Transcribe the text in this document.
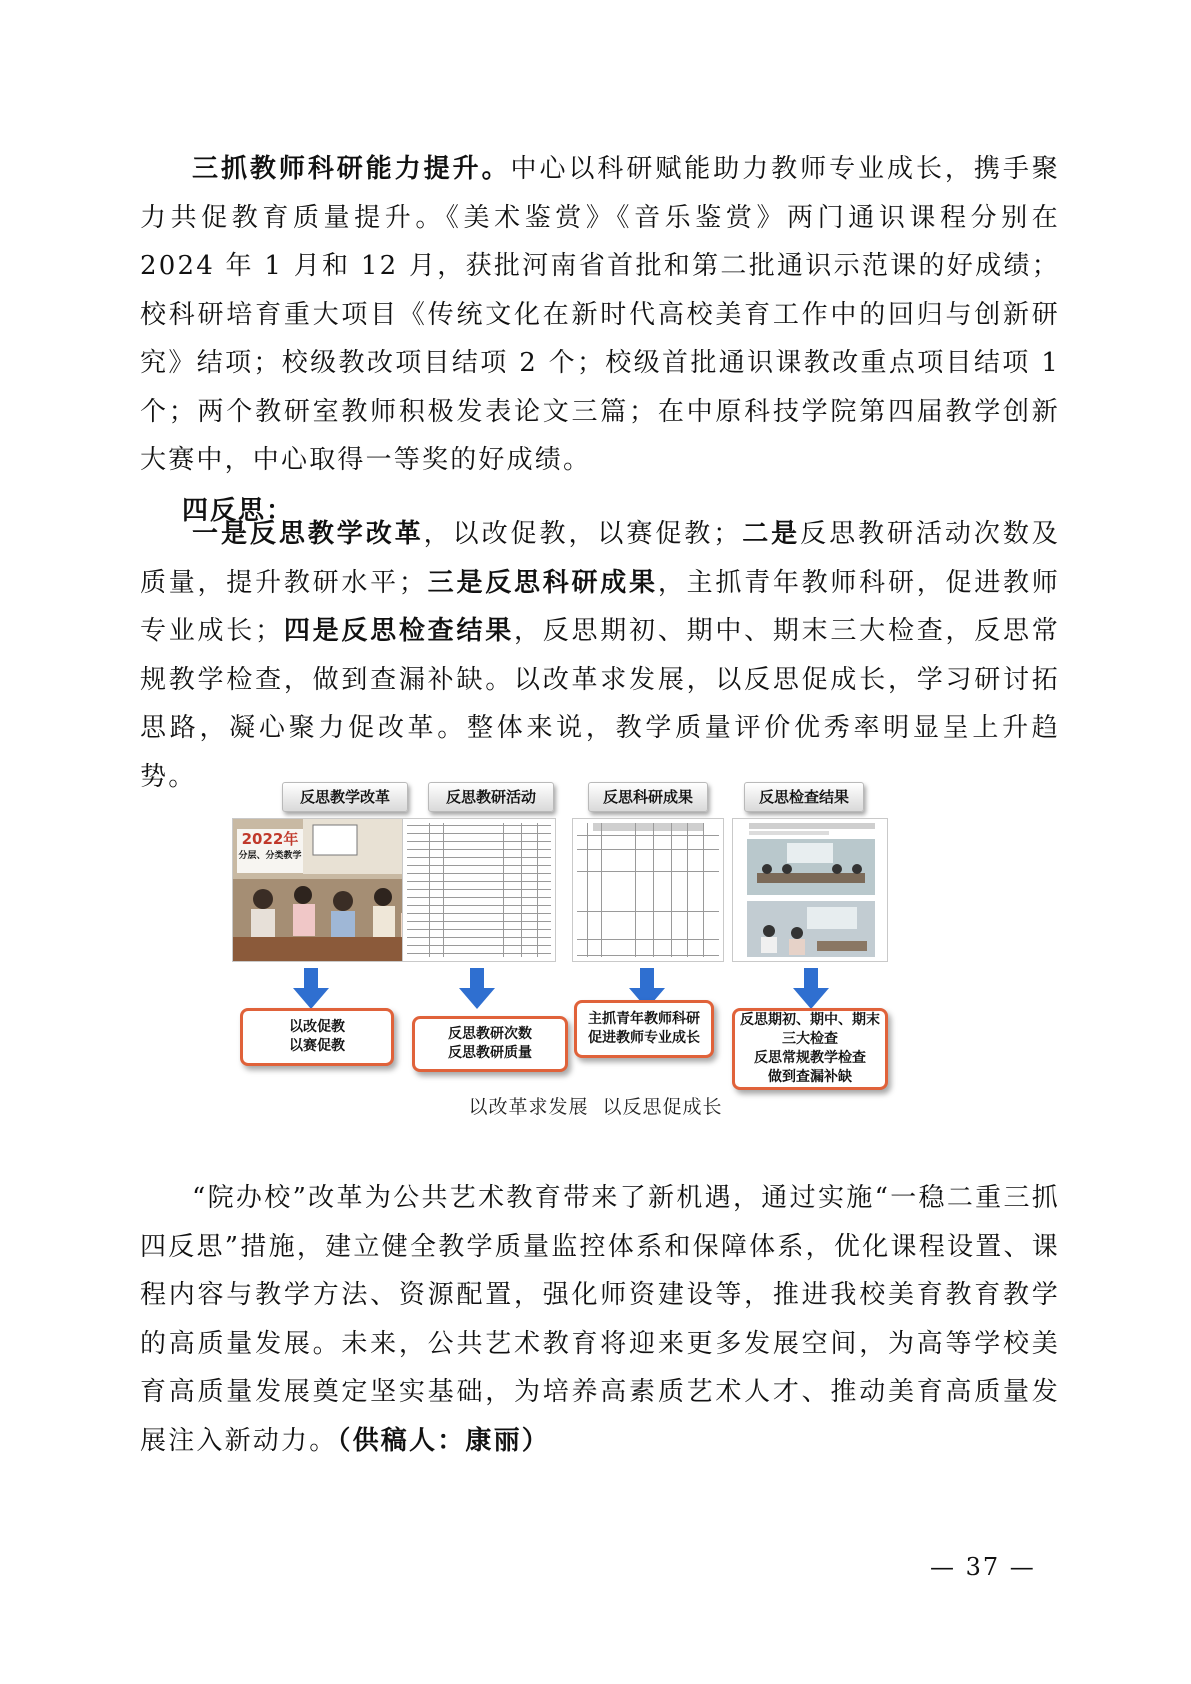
三抓教师科研能力提升。中心以科研赋能助力教师专业成长，携手聚力共促教育质量提升。《美术鉴赏》《音乐鉴赏》两门通识课程分别在 2024 年 1 月和 12 月，获批河南省首批和第二批通识示范课的好成绩；校科研培育重大项目《传统文化在新时代高校美育工作中的回归与创新研究》结项；校级教改项目结项 2 个；校级首批通识课教改重点项目结项 1 个；两个教研室教师积极发表论文三篇；在中原科技学院第四届教学创新大赛中，中心取得一等奖的好成绩。

四反思：

一是反思教学改革，以改促教，以赛促教；二是反思教研活动次数及质量，提升教研水平；三是反思科研成果，主抓青年教师科研，促进教师专业成长；四是反思检查结果，反思期初、期中、期末三大检查，反思常规教学检查，做到查漏补缺。以改革求发展，以反思促成长，学习研讨拓思路，凝心聚力促改革。整体来说，教学质量评价优秀率明显呈上升趋势。

反思教学改革
2022年
分层、分类教学
以改促教
以赛促教
反思教研活动
反思教研次数
反思教研质量
反思科研成果
主抓青年教师科研
促进教师专业成长
反思检查结果
反思期初、期中、期末
三大检查
反思常规教学检查
做到查漏补缺
以改革求发展  以反思促成长

“院办校”改革为公共艺术教育带来了新机遇，通过实施“一稳二重三抓四反思”措施，建立健全教学质量监控体系和保障体系，优化课程设置、课程内容与教学方法、资源配置，强化师资建设等，推进我校美育教育教学的高质量发展。未来，公共艺术教育将迎来更多发展空间，为高等学校美育高质量发展奠定坚实基础，为培养高素质艺术人才、推动美育高质量发展注入新动力。（供稿人：康丽）

— 37 —
